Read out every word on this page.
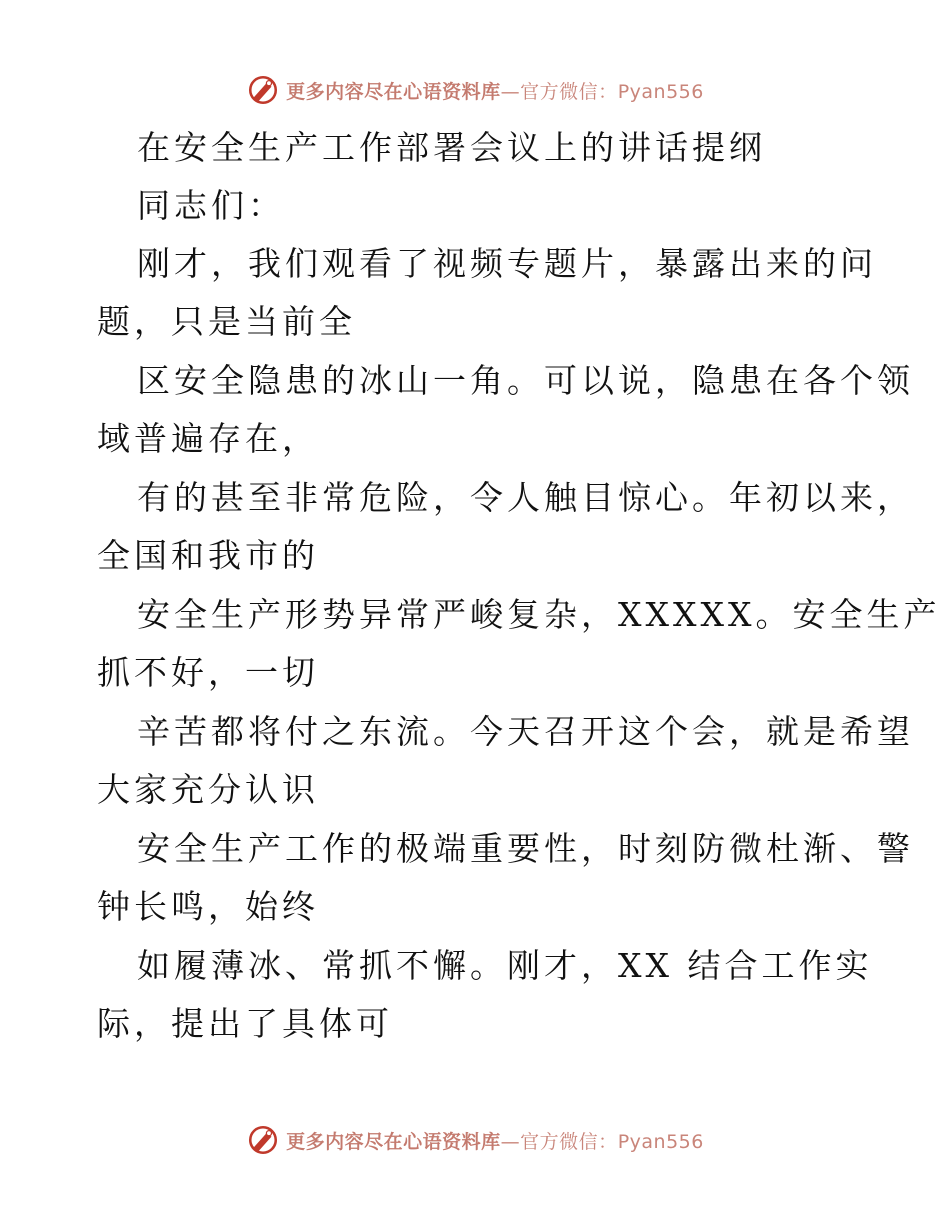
更多内容尽在心语资料库—官方微信：Pyan556
在安全生产工作部署会议上的讲话提纲
同志们：
刚才，我们观看了视频专题片，暴露出来的问
题，只是当前全
区安全隐患的冰山一角。可以说，隐患在各个领
域普遍存在，
有的甚至非常危险，令人触目惊心。年初以来，
全国和我市的
安全生产形势异常严峻复杂，XXXXX。安全生产
抓不好，一切
辛苦都将付之东流。今天召开这个会，就是希望
大家充分认识
安全生产工作的极端重要性，时刻防微杜渐、警
钟长鸣，始终
如履薄冰、常抓不懈。刚才，XX 结合工作实
际，提出了具体可
更多内容尽在心语资料库—官方微信：Pyan556
